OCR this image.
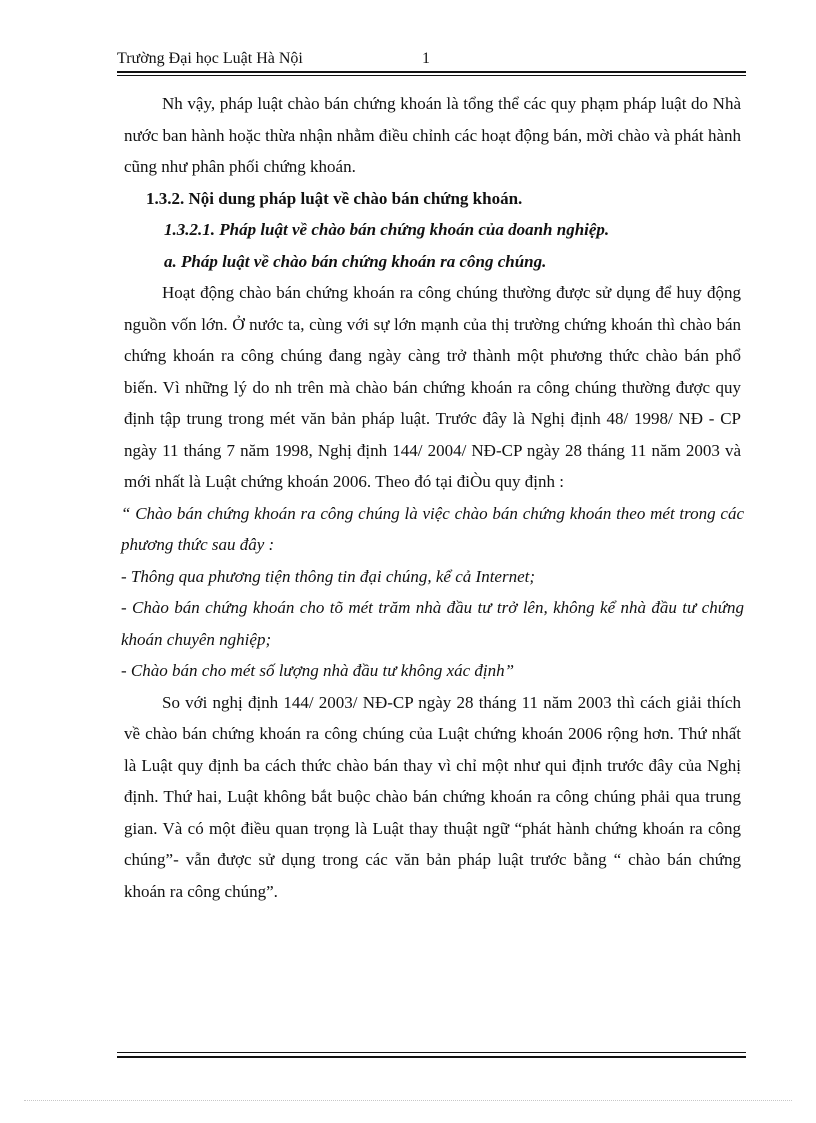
Trường Đại học Luật Hà Nội	1

Nh vậy, pháp luật chào bán chứng khoán là tổng thể các quy phạm pháp luật do Nhà nước ban hành hoặc thừa nhận nhằm điều chỉnh các hoạt động bán, mời chào và phát hành cũng như phân phối chứng khoán.

1.3.2. Nội dung pháp luật về chào bán chứng khoán.

1.3.2.1. Pháp luật về chào bán chứng khoán của doanh nghiệp.

a. Pháp luật về chào bán chứng khoán ra công chúng.

Hoạt động chào bán chứng khoán ra công chúng thường được sử dụng để huy động nguồn vốn lớn. Ở nước ta, cùng với sự lớn mạnh của thị trường chứng khoán thì chào bán chứng khoán ra công chúng đang ngày càng trở thành một phương thức chào bán phổ biến. Vì những lý do nh trên mà chào bán chứng khoán ra công chúng thường được quy định tập trung trong mét văn bản pháp luật. Trước đây là Nghị định 48/ 1998/ NĐ - CP ngày 11 tháng 7 năm 1998, Nghị định 144/ 2004/ NĐ-CP ngày 28 tháng 11 năm 2003 và mới nhất là Luật chứng khoán 2006. Theo đó tại điÒu quy định :

“ Chào bán chứng khoán ra công chúng là việc chào bán chứng khoán theo mét trong các phương thức sau đây :

- Thông qua phương tiện thông tin đại chúng, kể cả Internet;

- Chào bán chứng khoán cho tõ mét trăm nhà đầu tư trở lên, không kể nhà đầu tư chứng khoán chuyên nghiệp;

- Chào bán cho mét số lượng nhà đầu tư không xác định”

So với nghị định 144/ 2003/ NĐ-CP ngày 28 tháng 11 năm 2003 thì cách giải thích về chào bán chứng khoán ra công chúng của Luật chứng khoán 2006 rộng hơn. Thứ nhất là Luật quy định ba cách thức chào bán thay vì chỉ một như qui định trước đây của Nghị định. Thứ hai, Luật không bắt buộc chào bán chứng khoán ra công chúng phải qua trung gian. Và có một điều quan trọng là Luật thay thuật ngữ “phát hành chứng khoán ra công chúng”- vẫn được sử dụng trong các văn bản pháp luật trước bằng “ chào bán chứng khoán ra công chúng”.
